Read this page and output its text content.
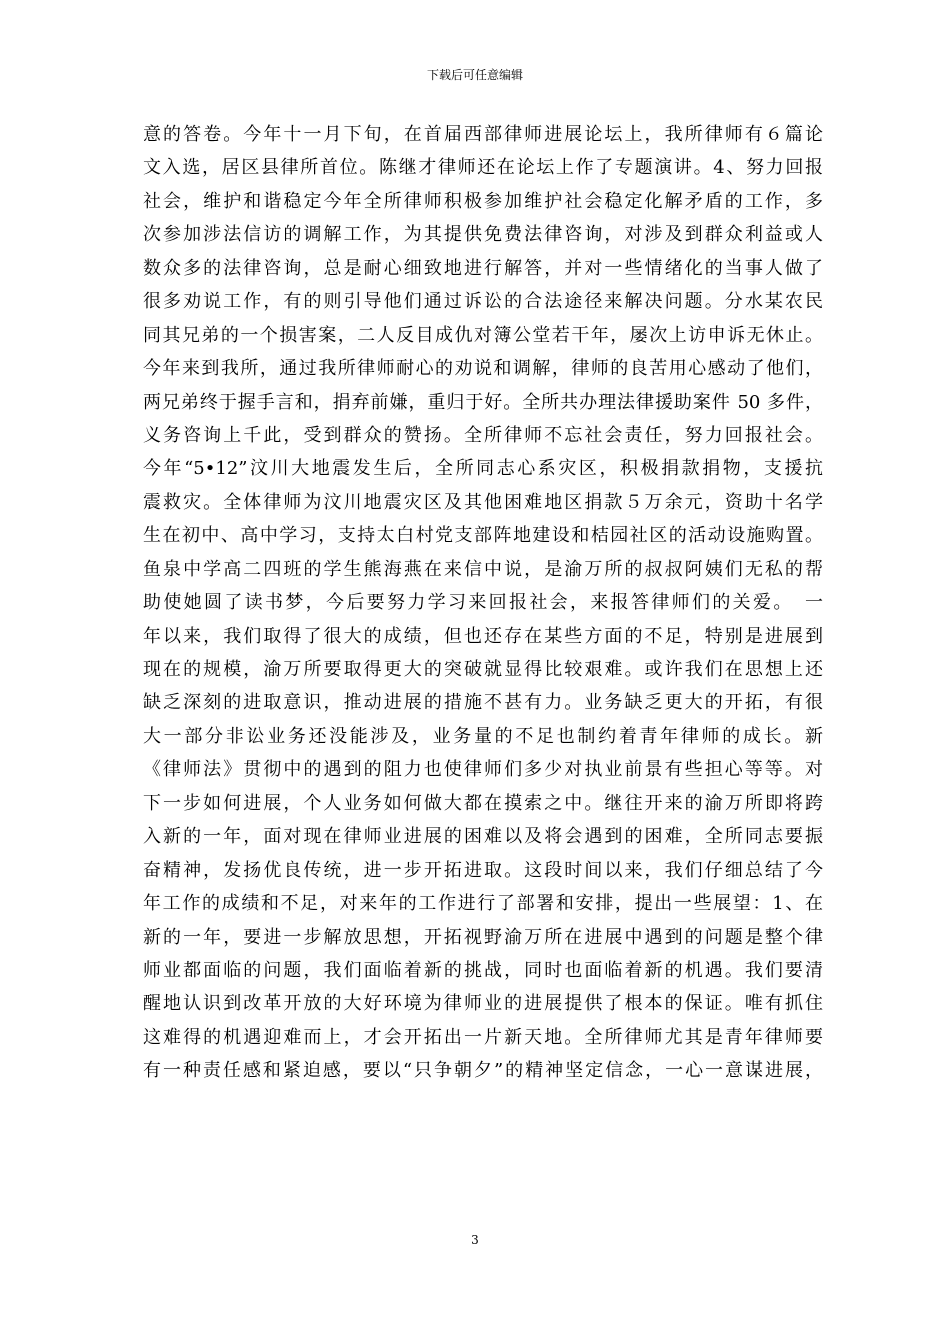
下载后可任意编辑
意的答卷。今年十一月下旬，在首届西部律师进展论坛上，我所律师有６篇论
文入选，居区县律所首位。陈继才律师还在论坛上作了专题演讲。4、努力回报
社会，维护和谐稳定今年全所律师积极参加维护社会稳定化解矛盾的工作，多
次参加涉法信访的调解工作，为其提供免费法律咨询，对涉及到群众利益或人
数众多的法律咨询，总是耐心细致地进行解答，并对一些情绪化的当事人做了
很多劝说工作，有的则引导他们通过诉讼的合法途径来解决问题。分水某农民
同其兄弟的一个损害案，二人反目成仇对簿公堂若干年，屡次上访申诉无休止。
今年来到我所，通过我所律师耐心的劝说和调解，律师的良苦用心感动了他们，
两兄弟终于握手言和，捐弃前嫌，重归于好。全所共办理法律援助案件 50 多件，
义务咨询上千此，受到群众的赞扬。全所律师不忘社会责任，努力回报社会。
今年“5•12”汶川大地震发生后，全所同志心系灾区，积极捐款捐物，支援抗
震救灾。全体律师为汶川地震灾区及其他困难地区捐款５万余元，资助十名学
生在初中、高中学习，支持太白村党支部阵地建设和桔园社区的活动设施购置。
鱼泉中学高二四班的学生熊海燕在来信中说，是渝万所的叔叔阿姨们无私的帮
助使她圆了读书梦，今后要努力学习来回报社会，来报答律师们的关爱。　一
年以来，我们取得了很大的成绩，但也还存在某些方面的不足，特别是进展到
现在的规模，渝万所要取得更大的突破就显得比较艰难。或许我们在思想上还
缺乏深刻的进取意识，推动进展的措施不甚有力。业务缺乏更大的开拓，有很
大一部分非讼业务还没能涉及，业务量的不足也制约着青年律师的成长。新
《律师法》贯彻中的遇到的阻力也使律师们多少对执业前景有些担心等等。对
下一步如何进展，个人业务如何做大都在摸索之中。继往开来的渝万所即将跨
入新的一年，面对现在律师业进展的困难以及将会遇到的困难，全所同志要振
奋精神，发扬优良传统，进一步开拓进取。这段时间以来，我们仔细总结了今
年工作的成绩和不足，对来年的工作进行了部署和安排，提出一些展望：1、在
新的一年，要进一步解放思想，开拓视野渝万所在进展中遇到的问题是整个律
师业都面临的问题，我们面临着新的挑战，同时也面临着新的机遇。我们要清
醒地认识到改革开放的大好环境为律师业的进展提供了根本的保证。唯有抓住
这难得的机遇迎难而上，才会开拓出一片新天地。全所律师尤其是青年律师要
有一种责任感和紧迫感，要以“只争朝夕”的精神坚定信念，一心一意谋进展，
3
